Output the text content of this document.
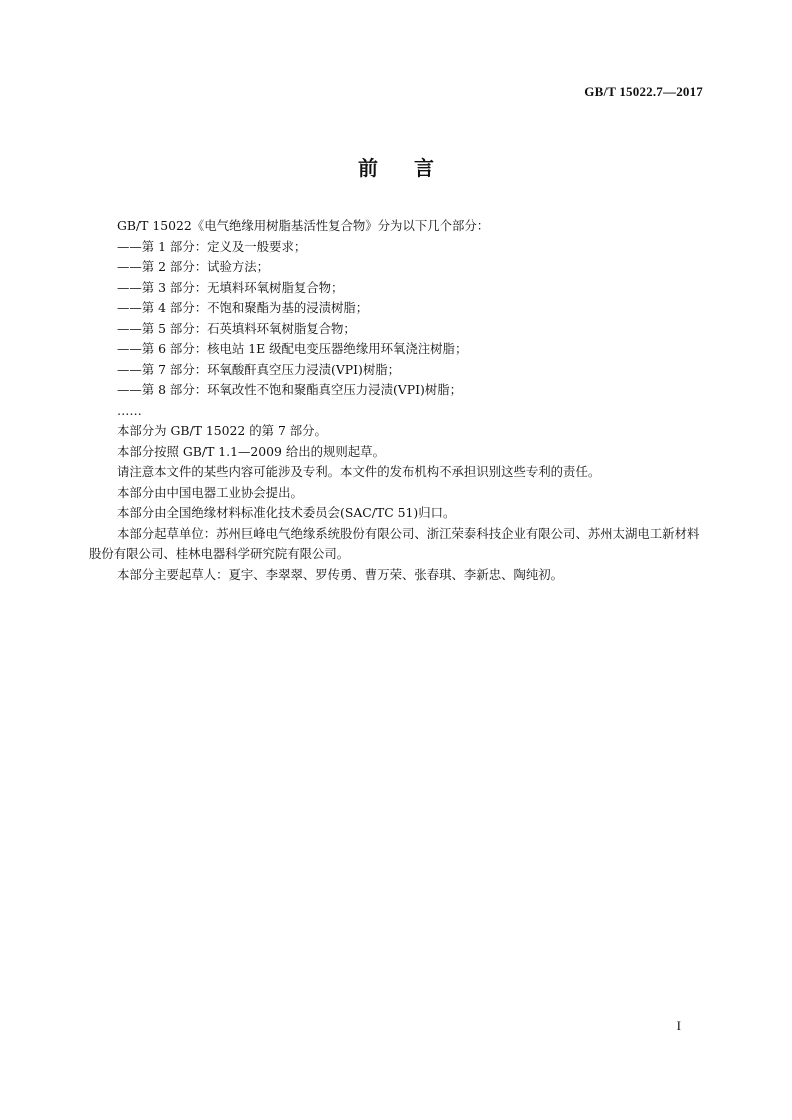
GB/T 15022.7—2017
前言
GB/T 15022《电气绝缘用树脂基活性复合物》分为以下几个部分：
——第 1 部分：定义及一般要求；
——第 2 部分：试验方法；
——第 3 部分：无填料环氧树脂复合物；
——第 4 部分：不饱和聚酯为基的浸渍树脂；
——第 5 部分：石英填料环氧树脂复合物；
——第 6 部分：核电站 1E 级配电变压器绝缘用环氧浇注树脂；
——第 7 部分：环氧酸酐真空压力浸渍(VPI)树脂；
——第 8 部分：环氧改性不饱和聚酯真空压力浸渍(VPI)树脂；
……
本部分为 GB/T 15022 的第 7 部分。
本部分按照 GB/T 1.1—2009 给出的规则起草。
请注意本文件的某些内容可能涉及专利。本文件的发布机构不承担识别这些专利的责任。
本部分由中国电器工业协会提出。
本部分由全国绝缘材料标准化技术委员会(SAC/TC 51)归口。
本部分起草单位：苏州巨峰电气绝缘系统股份有限公司、浙江荣泰科技企业有限公司、苏州太湖电工新材料股份有限公司、桂林电器科学研究院有限公司。
本部分主要起草人：夏宇、李翠翠、罗传勇、曹万荣、张春琪、李新忠、陶纯初。
I
